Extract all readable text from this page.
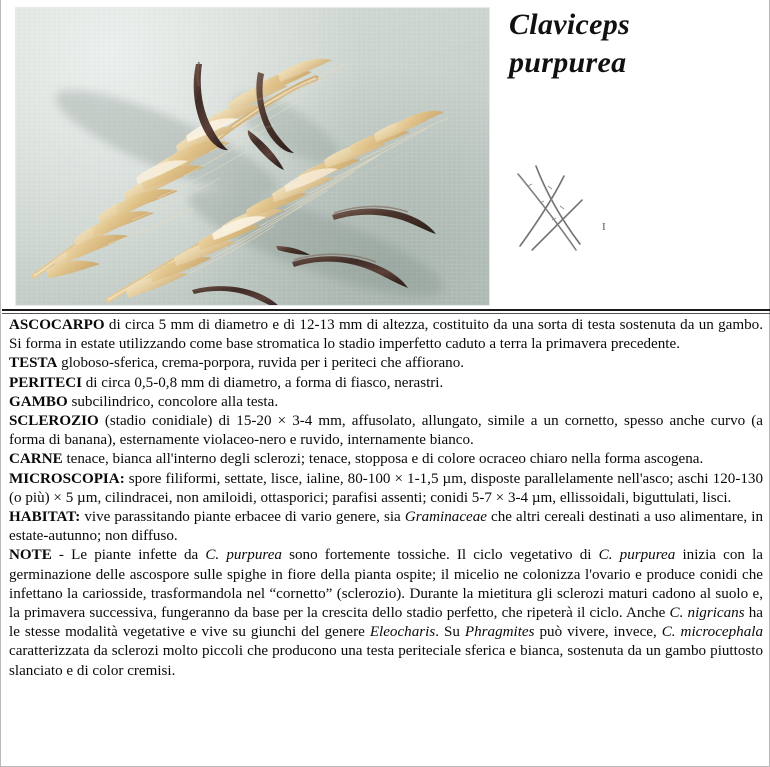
Claviceps
purpurea
I

ASCOCARPO di circa 5 mm di diametro e di 12-13 mm di altezza, costituito da una sorta di testa sostenuta da un gambo. Si forma in estate utilizzando come base stromatica lo stadio imperfetto caduto a terra la primavera precedente.

TESTA globoso-sferica, crema-porpora, ruvida per i periteci che affiorano.

PERITECI di circa 0,5-0,8 mm di diametro, a forma di fiasco, nerastri.

GAMBO subcilindrico, concolore alla testa.

SCLEROZIO (stadio conidiale) di 15-20 × 3-4 mm, affusolato, allungato, simile a un cornetto, spesso anche curvo (a forma di banana), esternamente violaceo-nero e ruvido, internamente bianco.

CARNE tenace, bianca all'interno degli sclerozi; tenace, stopposa e di colore ocraceo chiaro nella forma ascogena.

MICROSCOPIA: spore filiformi, settate, lisce, ialine, 80-100 × 1-1,5 µm, disposte parallelamente nell'asco; aschi 120-130 (o più) × 5 µm, cilindracei, non amiloidi, ottasporici; parafisi assenti; conidi 5-7 × 3-4 µm, ellissoidali, biguttulati, lisci.

HABITAT: vive parassitando piante erbacee di vario genere, sia Graminaceae che altri cereali destinati a uso alimentare, in estate-autunno; non diffuso.

NOTE - Le piante infette da C. purpurea sono fortemente tossiche. Il ciclo vegetativo di C. purpurea inizia con la germinazione delle ascospore sulle spighe in fiore della pianta ospite; il micelio ne colonizza l'ovario e produce conidi che infettano la cariosside, trasformandola nel “cornetto” (sclerozio). Durante la mietitura gli sclerozi maturi cadono al suolo e, la primavera successiva, fungeranno da base per la crescita dello stadio perfetto, che ripeterà il ciclo. Anche C. nigricans ha le stesse modalità vegetative e vive su giunchi del genere Eleocharis. Su Phragmites può vivere, invece, C. microcephala caratterizzata da sclerozi molto piccoli che producono una testa periteciale sferica e bianca, sostenuta da un gambo piuttosto slanciato e di color cremisi.
